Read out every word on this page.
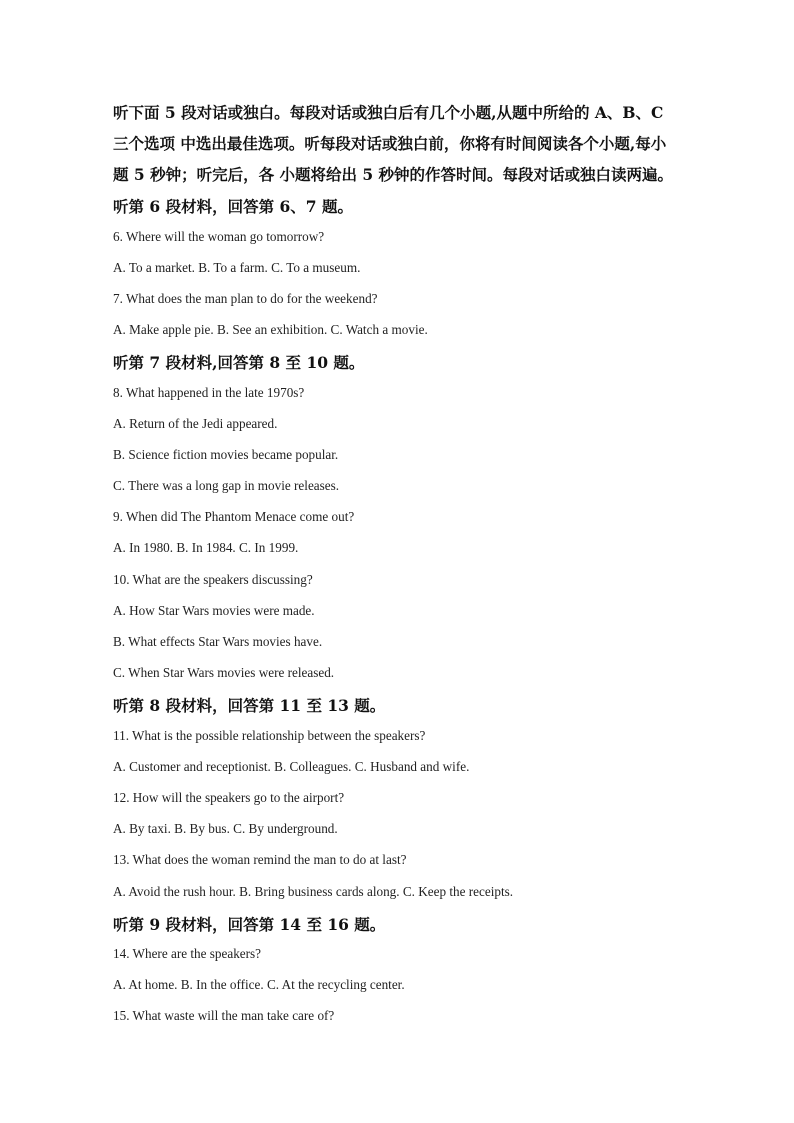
听下面 5 段对话或独白。每段对话或独白后有几个小题,从题中所给的 A、B、C
三个选项 中选出最佳选项。听每段对话或独白前，你将有时间阅读各个小题,每小
题 5 秒钟；听完后，各 小题将给出 5 秒钟的作答时间。每段对话或独白读两遍。
听第 6 段材料，回答第 6、7 题。
6. Where will the woman go tomorrow?
A. To a market. B. To a farm. C. To a museum.
7. What does the man plan to do for the weekend?
A. Make apple pie. B. See an exhibition. C. Watch a movie.
听第 7 段材料,回答第 8 至 10 题。
8. What happened in the late 1970s?
A. Return of the Jedi appeared.
B. Science fiction movies became popular.
C. There was a long gap in movie releases.
9. When did The Phantom Menace come out?
A. In 1980. B. In 1984. C. In 1999.
10. What are the speakers discussing?
A. How Star Wars movies were made.
B. What effects Star Wars movies have.
C. When Star Wars movies were released.
听第 8 段材料，回答第 11 至 13 题。
11. What is the possible relationship between the speakers?
A. Customer and receptionist. B. Colleagues. C. Husband and wife.
12. How will the speakers go to the airport?
A. By taxi. B. By bus. C. By underground.
13. What does the woman remind the man to do at last?
A. Avoid the rush hour. B. Bring business cards along. C. Keep the receipts.
听第 9 段材料，回答第 14 至 16 题。
14. Where are the speakers?
A. At home. B. In the office. C. At the recycling center.
15. What waste will the man take care of?
